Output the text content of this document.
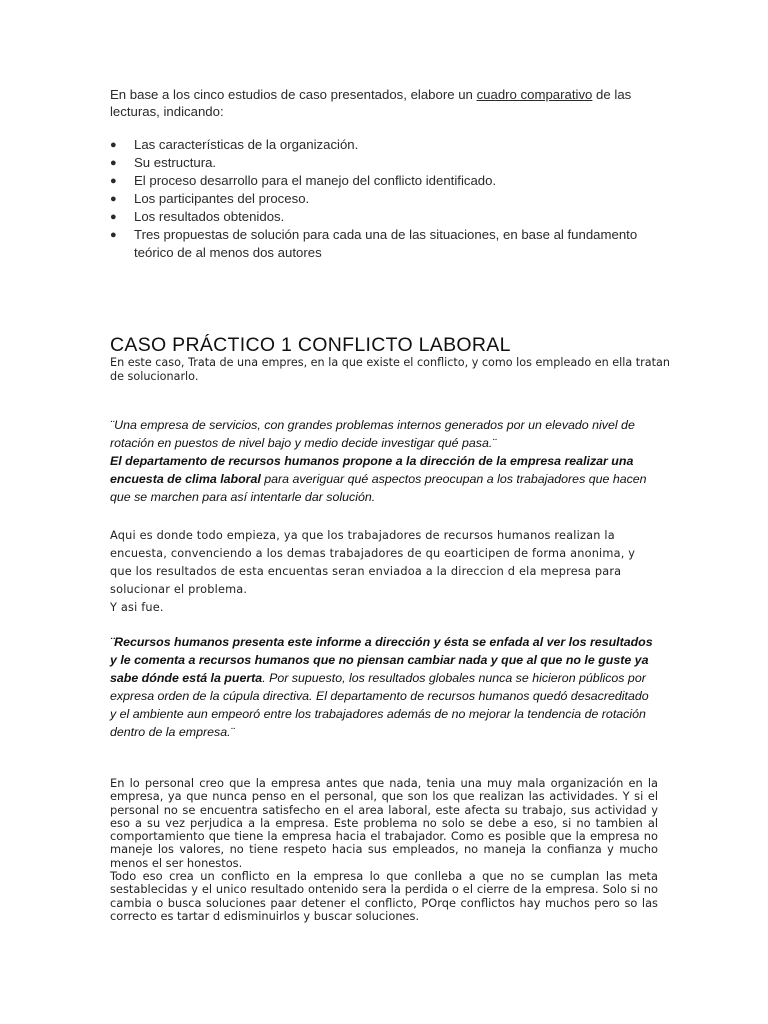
En base a los cinco estudios de caso presentados, elabore un cuadro comparativo de las lecturas, indicando:
● Las características de la organización.
● Su estructura.
● El proceso desarrollo para el manejo del conflicto identificado.
● Los participantes del proceso.
● Los resultados obtenidos.
● Tres propuestas de solución para cada una de las situaciones, en base al fundamento teórico de al menos dos autores
CASO PRÁCTICO 1 CONFLICTO LABORAL
En este caso, Trata de una empres, en la que existe el conflicto, y como los empleado en ella tratan de solucionarlo.
¨Una empresa de servicios, con grandes problemas internos generados por un elevado nivel de rotación en puestos de nivel bajo y medio decide investigar qué pasa.¨
El departamento de recursos humanos propone a la dirección de la empresa realizar una encuesta de clima laboral para averiguar qué aspectos preocupan a los trabajadores que hacen que se marchen para así intentarle dar solución.
Aqui es donde todo empieza, ya que los trabajadores de recursos humanos realizan la encuesta, convenciendo a los demas trabajadores de qu eoarticipen de forma anonima, y que los resultados de esta encuentas seran enviadoa a la direccion d ela mepresa para solucionar el problema.
Y asi fue.
¨Recursos humanos presenta este informe a dirección y ésta se enfada al ver los resultados y le comenta a recursos humanos que no piensan cambiar nada y que al que no le guste ya sabe dónde está la puerta. Por supuesto, los resultados globales nunca se hicieron públicos por expresa orden de la cúpula directiva. El departamento de recursos humanos quedó desacreditado y el ambiente aun empeoró entre los trabajadores además de no mejorar la tendencia de rotación dentro de la empresa.¨

En lo personal creo que la empresa antes que nada, tenia una muy mala organización en la empresa, ya que nunca penso en el personal, que son los que realizan las actividades. Y si el personal no se encuentra satisfecho en el area laboral, este afecta su trabajo, sus actividad y eso a su vez perjudica a la empresa. Este problema no solo se debe a eso, si no tambien al comportamiento que tiene la empresa hacia el trabajador. Como es posible que la empresa no maneje los valores, no tiene respeto hacia sus empleados, no maneja la confianza y mucho menos el ser honestos.

Todo eso crea un conflicto en la empresa lo que conlleba a que no se cumplan las meta sestablecidas y el unico resultado ontenido sera la perdida o el cierre de la empresa. Solo si no cambia o busca soluciones paar detener el conflicto, POrqe conflictos hay muchos pero so las correcto es tartar d edisminuirlos y buscar soluciones.
